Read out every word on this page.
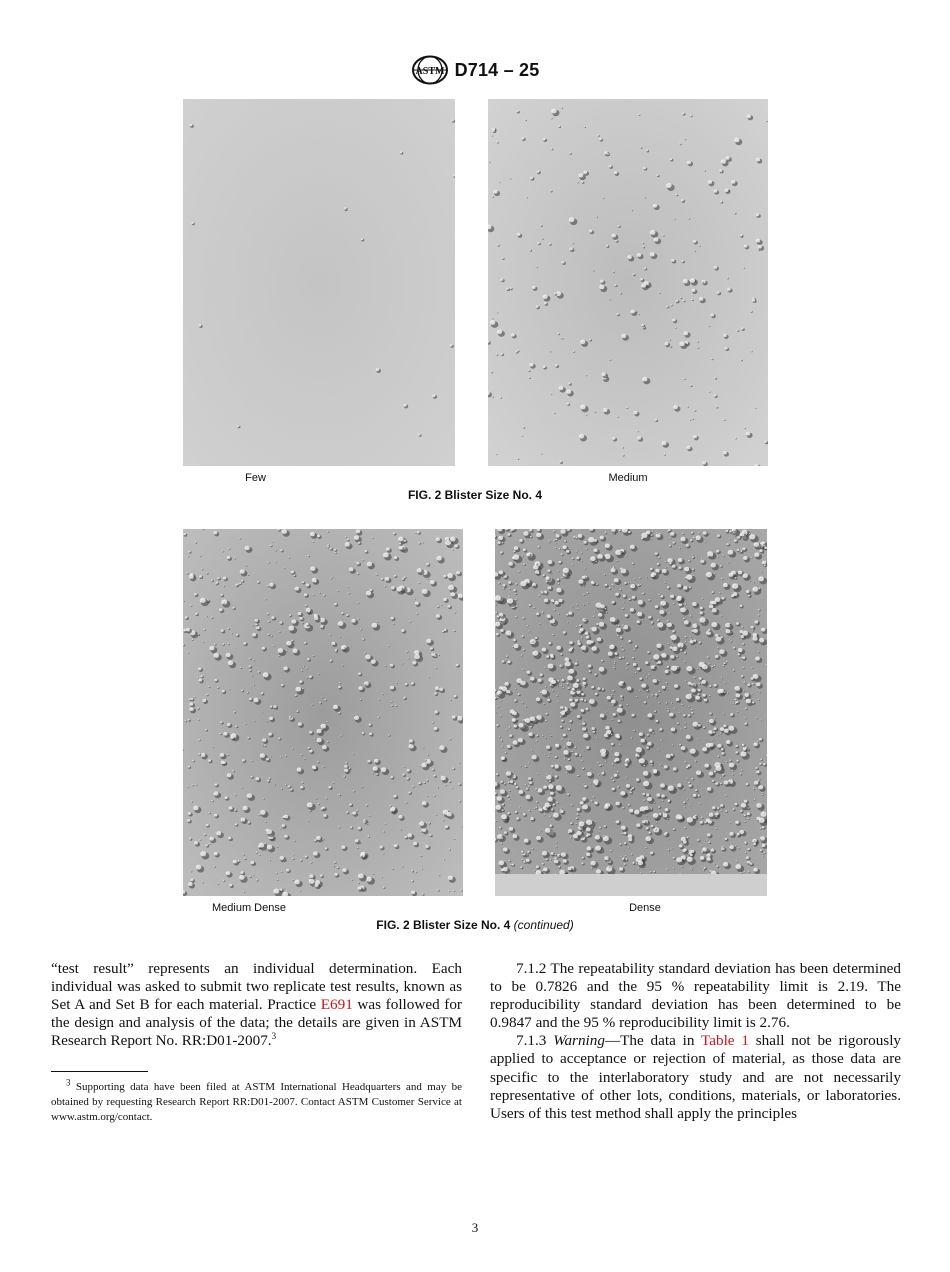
ASTM D714 – 25
Few	Medium
FIG. 2 Blister Size No. 4
Medium Dense	Dense
FIG. 2 Blister Size No. 4 (continued)

“test result” represents an individual determination. Each individual was asked to submit two replicate test results, known as Set A and Set B for each material. Practice E691 was followed for the design and analysis of the data; the details are given in ASTM Research Report No. RR:D01-2007.$^3$

$^3$ Supporting data have been filed at ASTM International Headquarters and may be obtained by requesting Research Report RR:D01-2007. Contact ASTM Customer Service at www.astm.org/contact.

7.1.2 The repeatability standard deviation has been determined to be 0.7826 and the 95 % repeatability limit is 2.19. The reproducibility standard deviation has been determined to be 0.9847 and the 95 % reproducibility limit is 2.76.

7.1.3 Warning—The data in Table 1 shall not be rigorously applied to acceptance or rejection of material, as those data are specific to the interlaboratory study and are not necessarily representative of other lots, conditions, materials, or laboratories. Users of this test method shall apply the principles

3
